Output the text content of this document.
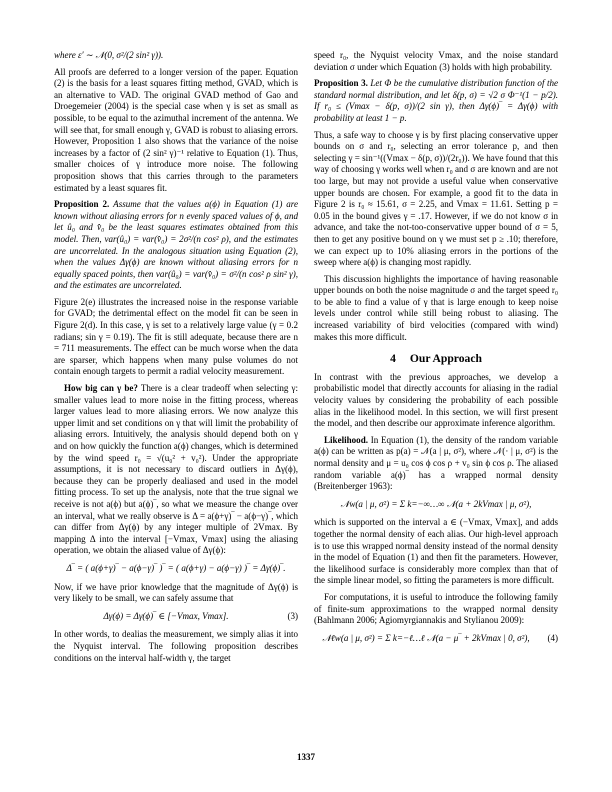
where ε′ ∼ 𝒩(0, σ²/(2 sin² γ)).

All proofs are deferred to a longer version of the paper. Equation (2) is the basis for a least squares fitting method, GVAD, which is an alternative to VAD. The original GVAD method of Gao and Droegemeier (2004) is the special case when γ is set as small as possible, to be equal to the azimuthal increment of the antenna. We will see that, for small enough γ, GVAD is robust to aliasing errors. However, Proposition 1 also shows that the variance of the noise increases by a factor of (2 sin² γ)⁻¹ relative to Equation (1). Thus, smaller choices of γ introduce more noise. The following proposition shows that this carries through to the parameters estimated by a least squares fit.

Proposition 2. Assume that the values a(ϕ) in Equation (1) are known without aliasing errors for n evenly spaced values of ϕ, and let û₀ and v̂₀ be the least squares estimates obtained from this model. Then, var(û₀) = var(v̂₀) = 2σ²/(n cos² ρ), and the estimates are uncorrelated. In the analogous situation using Equation (2), when the values Δγ(ϕ) are known without aliasing errors for n equally spaced points, then var(û₀) = var(v̂₀) = σ²/(n cos² ρ sin² γ), and the estimates are uncorrelated.

Figure 2(e) illustrates the increased noise in the response variable for GVAD; the detrimental effect on the model fit can be seen in Figure 2(d). In this case, γ is set to a relatively large value (γ = 0.2 radians; sin γ = 0.19). The fit is still adequate, because there are n = 711 measurements. The effect can be much worse when the data are sparser, which happens when many pulse volumes do not contain enough targets to permit a radial velocity measurement.

How big can γ be? There is a clear tradeoff when selecting γ: smaller values lead to more noise in the fitting process, whereas larger values lead to more aliasing errors. We now analyze this upper limit and set conditions on γ that will limit the probability of aliasing errors. Intuitively, the analysis should depend both on γ and on how quickly the function a(ϕ) changes, which is determined by the wind speed r₀ = √(u₀² + v₀²). Under the appropriate assumptions, it is not necessary to discard outliers in Δγ(ϕ), because they can be properly dealiased and used in the model fitting process. To set up the analysis, note that the true signal we receive is not a(ϕ) but a(ϕ)‾, so what we measure the change over an interval, what we really observe is Δ = a(ϕ+γ)‾ − a(ϕ−γ)‾, which can differ from Δγ(ϕ) by any integer multiple of 2Vmax. By mapping Δ into the interval [−Vmax, Vmax] using the aliasing operation, we obtain the aliased value of Δγ(ϕ):

Δ‾ = ( a(ϕ+γ)‾ − a(ϕ−γ)‾ )‾ = ( a(ϕ+γ) − a(ϕ−γ) )‾ = Δγ(ϕ)‾.

Now, if we have prior knowledge that the magnitude of Δγ(ϕ) is very likely to be small, we can safely assume that

Δγ(ϕ) = Δγ(ϕ)‾ ∈ [−Vmax, Vmax].	(3)

In other words, to dealias the measurement, we simply alias it into the Nyquist interval. The following proposition describes conditions on the interval half-width γ, the target

speed r₀, the Nyquist velocity Vmax, and the noise standard deviation σ under which Equation (3) holds with high probability.

Proposition 3. Let Φ be the cumulative distribution function of the standard normal distribution, and let δ(p, σ) = √2 σ Φ⁻¹(1 − p/2). If r₀ ≤ (Vmax − δ(p, σ))/(2 sin γ), then Δγ(ϕ)‾ = Δγ(ϕ) with probability at least 1 − p.

Thus, a safe way to choose γ is by first placing conservative upper bounds on σ and r₀, selecting an error tolerance p, and then selecting γ = sin⁻¹((Vmax − δ(p, σ))/(2r₀)). We have found that this way of choosing γ works well when r₀ and σ are known and are not too large, but may not provide a useful value when conservative upper bounds are chosen. For example, a good fit to the data in Figure 2 is r₀ ≈ 15.61, σ = 2.25, and Vmax = 11.61. Setting p = 0.05 in the bound gives γ = .17. However, if we do not know σ in advance, and take the not-too-conservative upper bound of σ = 5, then to get any positive bound on γ we must set p ≥ .10; therefore, we can expect up to 10% aliasing errors in the portions of the sweep where a(ϕ) is changing most rapidly.

This discussion highlights the importance of having reasonable upper bounds on both the noise magnitude σ and the target speed r₀ to be able to find a value of γ that is large enough to keep noise levels under control while still being robust to aliasing. The increased variability of bird velocities (compared with wind) makes this more difficult.

4 Our Approach

In contrast with the previous approaches, we develop a probabilistic model that directly accounts for aliasing in the radial velocity values by considering the probability of each possible alias in the likelihood model. In this section, we will first present the model, and then describe our approximate inference algorithm.

Likelihood. In Equation (1), the density of the random variable a(ϕ) can be written as p(a) = 𝒩(a | μ, σ²), where 𝒩(· | μ, σ²) is the normal density and μ = u₀ cos ϕ cos ρ + v₀ sin ϕ cos ρ. The aliased random variable a(ϕ)‾ has a wrapped normal density (Breitenberger 1963):

𝒩w(a | μ, σ²) = Σ k=−∞…∞ 𝒩(a + 2kVmax | μ, σ²),

which is supported on the interval a ∈ (−Vmax, Vmax], and adds together the normal density of each alias. Our high-level approach is to use this wrapped normal density instead of the normal density in the model of Equation (1) and then fit the parameters. However, the likelihood surface is considerably more complex than that of the simple linear model, so fitting the parameters is more difficult.

For computations, it is useful to introduce the following family of finite-sum approximations to the wrapped normal density (Bahlmann 2006; Agiomyrgiannakis and Stylianou 2009):

𝒩ℓw(a | μ, σ²) = Σ k=−ℓ…ℓ 𝒩(a − μ‾ + 2kVmax | 0, σ²),	(4)
1337
